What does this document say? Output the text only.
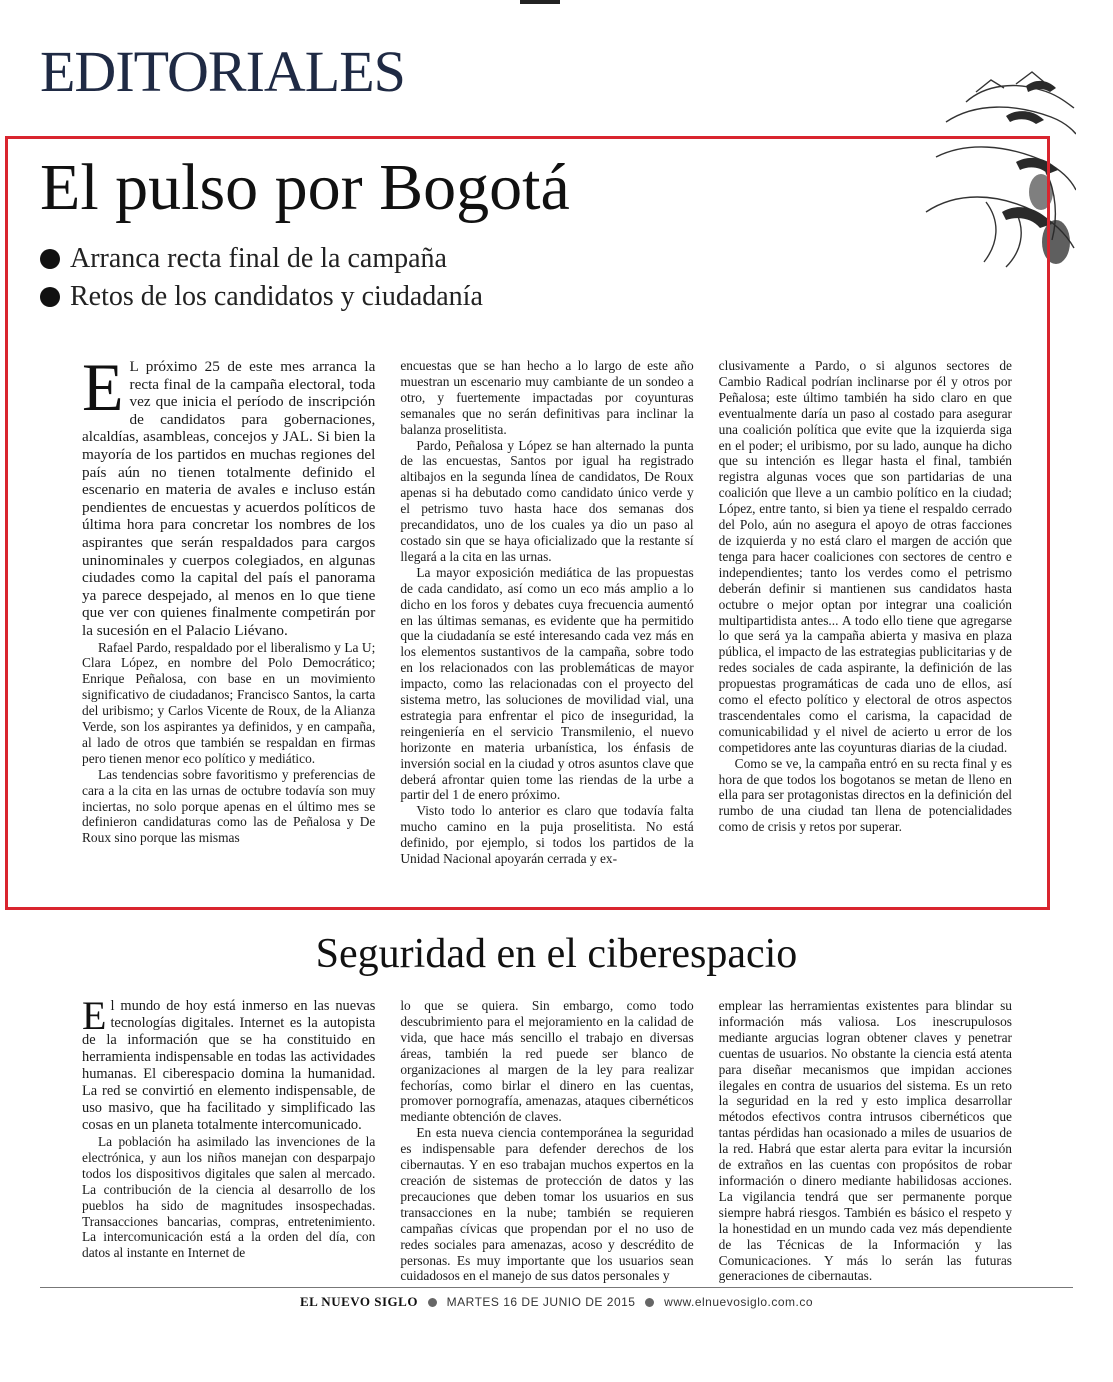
EDITORIALES
El pulso por Bogotá
Arranca recta final de la campaña
Retos de los candidatos y ciudadanía

E L próximo 25 de este mes arranca la recta final de la campaña electoral, toda vez que inicia el período de inscripción de candidatos para gobernaciones, alcaldías, asambleas, concejos y JAL. Si bien la mayoría de los partidos en muchas regiones del país aún no tienen totalmente definido el escenario en materia de avales e incluso están pendientes de encuestas y acuerdos políticos de última hora para concretar los nombres de los aspirantes que serán respaldados para cargos uninominales y cuerpos colegiados, en algunas ciudades como la capital del país el panorama ya parece despejado, al menos en lo que tiene que ver con quienes finalmente competirán por la sucesión en el Palacio Liévano.

Rafael Pardo, respaldado por el liberalismo y La U; Clara López, en nombre del Polo Democrático; Enrique Peñalosa, con base en un movimiento significativo de ciudadanos; Francisco Santos, la carta del uribismo; y Carlos Vicente de Roux, de la Alianza Verde, son los aspirantes ya definidos, y en campaña, al lado de otros que también se respaldan en firmas pero tienen menor eco político y mediático.

Las tendencias sobre favoritismo y preferencias de cara a la cita en las urnas de octubre todavía son muy inciertas, no solo porque apenas en el último mes se definieron candidaturas como las de Peñalosa y De Roux sino porque las mismas

encuestas que se han hecho a lo largo de este año muestran un escenario muy cambiante de un sondeo a otro, y fuertemente impactadas por coyunturas semanales que no serán definitivas para inclinar la balanza proselitista.

Pardo, Peñalosa y López se han alternado la punta de las encuestas, Santos por igual ha registrado altibajos en la segunda línea de candidatos, De Roux apenas si ha debutado como candidato único verde y el petrismo tuvo hasta hace dos semanas dos precandidatos, uno de los cuales ya dio un paso al costado sin que se haya oficializado que la restante sí llegará a la cita en las urnas.

La mayor exposición mediática de las propuestas de cada candidato, así como un eco más amplio a lo dicho en los foros y debates cuya frecuencia aumentó en las últimas semanas, es evidente que ha permitido que la ciudadanía se esté interesando cada vez más en los elementos sustantivos de la campaña, sobre todo en los relacionados con las problemáticas de mayor impacto, como las relacionadas con el proyecto del sistema metro, las soluciones de movilidad vial, una estrategia para enfrentar el pico de inseguridad, la reingeniería en el servicio Transmilenio, el nuevo horizonte en materia urbanística, los énfasis de inversión social en la ciudad y otros asuntos clave que deberá afrontar quien tome las riendas de la urbe a partir del 1 de enero próximo.

Visto todo lo anterior es claro que todavía falta mucho camino en la puja proselitista. No está definido, por ejemplo, si todos los partidos de la Unidad Nacional apoyarán cerrada y ex-

clusivamente a Pardo, o si algunos sectores de Cambio Radical podrían inclinarse por él y otros por Peñalosa; este último también ha sido claro en que eventualmente daría un paso al costado para asegurar una coalición política que evite que la izquierda siga en el poder; el uribismo, por su lado, aunque ha dicho que su intención es llegar hasta el final, también registra algunas voces que son partidarias de una coalición que lleve a un cambio político en la ciudad; López, entre tanto, si bien ya tiene el respaldo cerrado del Polo, aún no asegura el apoyo de otras facciones de izquierda y no está claro el margen de acción que tenga para hacer coaliciones con sectores de centro e independientes; tanto los verdes como el petrismo deberán definir si mantienen sus candidatos hasta octubre o mejor optan por integrar una coalición multipartidista antes... A todo ello tiene que agregarse lo que será ya la campaña abierta y masiva en plaza pública, el impacto de las estrategias publicitarias y de redes sociales de cada aspirante, la definición de las propuestas programáticas de cada uno de ellos, así como el efecto político y electoral de otros aspectos trascendentales como el carisma, la capacidad de comunicabilidad y el nivel de acierto u error de los competidores ante las coyunturas diarias de la ciudad.

Como se ve, la campaña entró en su recta final y es hora de que todos los bogotanos se metan de lleno en ella para ser protagonistas directos en la definición del rumbo de una ciudad tan llena de potencialidades como de crisis y retos por superar.

Seguridad en el ciberespacio

El mundo de hoy está inmerso en las nuevas tecnologías digitales. Internet es la autopista de la información que se ha constituido en herramienta indispensable en todas las actividades humanas. El ciberespacio domina la humanidad. La red se convirtió en elemento indispensable, de uso masivo, que ha facilitado y simplificado las cosas en un planeta totalmente intercomunicado.

La población ha asimilado las invenciones de la electrónica, y aun los niños manejan con desparpajo todos los dispositivos digitales que salen al mercado. La contribución de la ciencia al desarrollo de los pueblos ha sido de magnitudes insospechadas. Transacciones bancarias, compras, entretenimiento. La intercomunicación está a la orden del día, con datos al instante en Internet de

lo que se quiera. Sin embargo, como todo descubrimiento para el mejoramiento en la calidad de vida, que hace más sencillo el trabajo en diversas áreas, también la red puede ser blanco de organizaciones al margen de la ley para realizar fechorías, como birlar el dinero en las cuentas, promover pornografía, amenazas, ataques cibernéticos mediante obtención de claves.

En esta nueva ciencia contemporánea la seguridad es indispensable para defender derechos de los cibernautas. Y en eso trabajan muchos expertos en la creación de sistemas de protección de datos y las precauciones que deben tomar los usuarios en sus transacciones en la nube; también se requieren campañas cívicas que propendan por el no uso de redes sociales para amenazas, acoso y descrédito de personas. Es muy importante que los usuarios sean cuidadosos en el manejo de sus datos personales y

emplear las herramientas existentes para blindar su información más valiosa. Los inescrupulosos mediante argucias logran obtener claves y penetrar cuentas de usuarios. No obstante la ciencia está atenta para diseñar mecanismos que impidan acciones ilegales en contra de usuarios del sistema. Es un reto la seguridad en la red y esto implica desarrollar métodos efectivos contra intrusos cibernéticos que tantas pérdidas han ocasionado a miles de usuarios de la red. Habrá que estar alerta para evitar la incursión de extraños en las cuentas con propósitos de robar información o dinero mediante habilidosas acciones. La vigilancia tendrá que ser permanente porque siempre habrá riesgos. También es básico el respeto y la honestidad en un mundo cada vez más dependiente de las Técnicas de la Información y las Comunicaciones. Y más lo serán las futuras generaciones de cibernautas.

EL NUEVO SIGLO MARTES 16 DE JUNIO DE 2015 www.elnuevosiglo.com.co
